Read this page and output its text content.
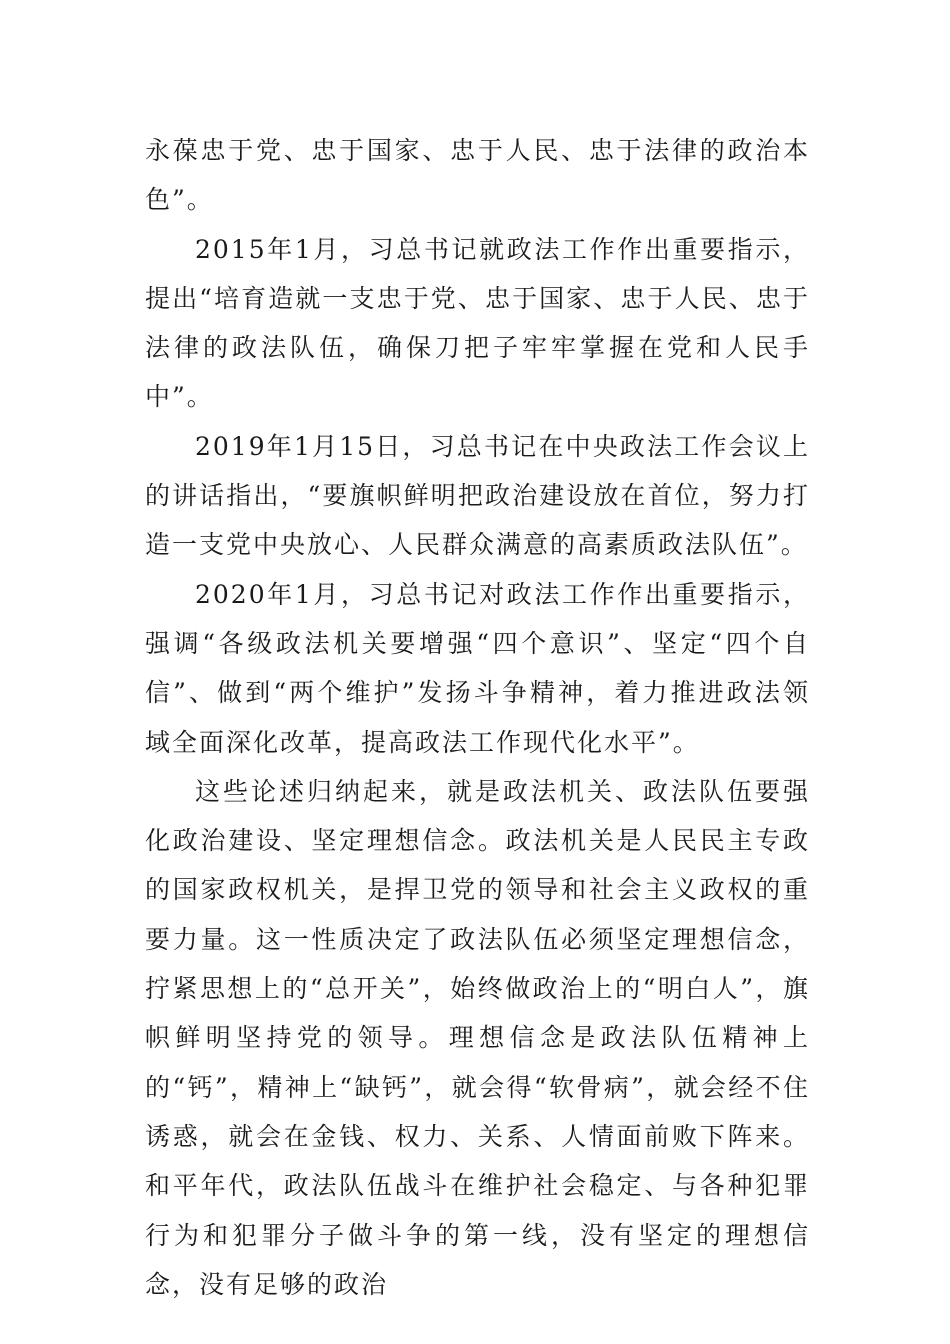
永葆忠于党、忠于国家、忠于人民、忠于法律的政治本色”。

2015年1月，习总书记就政法工作作出重要指示，提出“培育造就一支忠于党、忠于国家、忠于人民、忠于法律的政法队伍，确保刀把子牢牢掌握在党和人民手中”。

2019年1月15日，习总书记在中央政法工作会议上的讲话指出，“要旗帜鲜明把政治建设放在首位，努力打造一支党中央放心、人民群众满意的高素质政法队伍”。

2020年1月，习总书记对政法工作作出重要指示，强调“各级政法机关要增强“四个意识”、坚定“四个自信”、做到“两个维护”发扬斗争精神，着力推进政法领域全面深化改革，提高政法工作现代化水平”。

这些论述归纳起来，就是政法机关、政法队伍要强化政治建设、坚定理想信念。政法机关是人民民主专政的国家政权机关，是捍卫党的领导和社会主义政权的重要力量。这一性质决定了政法队伍必须坚定理想信念，拧紧思想上的“总开关”，始终做政治上的“明白人”，旗帜鲜明坚持党的领导。理想信念是政法队伍精神上的“钙”，精神上“缺钙”，就会得“软骨病”，就会经不住诱惑，就会在金钱、权力、关系、人情面前败下阵来。和平年代，政法队伍战斗在维护社会稳定、与各种犯罪行为和犯罪分子做斗争的第一线，没有坚定的理想信念，没有足够的政治
